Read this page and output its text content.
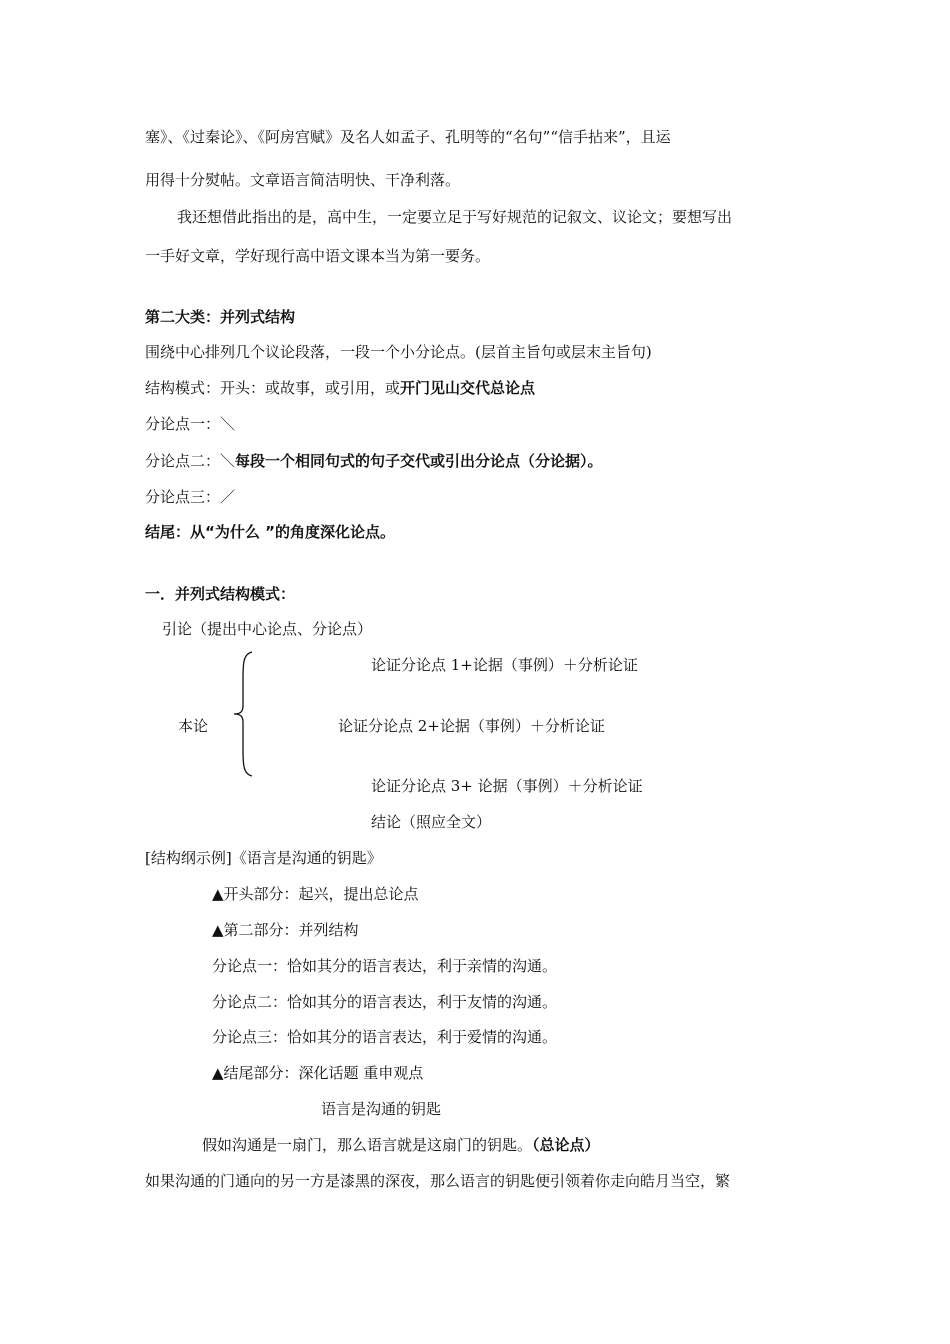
塞》、《过秦论》、《阿房宫赋》及名人如孟子、孔明等的“名句”“信手拈来”，且运
用得十分熨帖。文章语言简洁明快、干净利落。
我还想借此指出的是，高中生，一定要立足于写好规范的记叙文、议论文；要想写出
一手好文章，学好现行高中语文课本当为第一要务。
第二大类：并列式结构
围绕中心排列几个议论段落，一段一个小分论点。(层首主旨句或层末主旨句)
结构模式：开头：或故事，或引用，或开门见山交代总论点
分论点一：＼
分论点二：＼每段一个相同句式的句子交代或引出分论点（分论据）。
分论点三：／
结尾：从“为什么 ”的角度深化论点。
一．并列式结构模式：
引论（提出中心论点、分论点）
论证分论点 1+论据（事例）＋分析论证
本论	论证分论点 2+论据（事例）＋分析论证
论证分论点 3+ 论据（事例）＋分析论证
结论（照应全文）
[结构纲示例]《语言是沟通的钥匙》
▲开头部分：起兴，提出总论点
▲第二部分：并列结构
分论点一：恰如其分的语言表达，利于亲情的沟通。
分论点二：恰如其分的语言表达，利于友情的沟通。
分论点三：恰如其分的语言表达，利于爱情的沟通。
▲结尾部分：深化话题 重申观点
语言是沟通的钥匙
假如沟通是一扇门，那么语言就是这扇门的钥匙。（总论点）
如果沟通的门通向的另一方是漆黑的深夜，那么语言的钥匙便引领着你走向皓月当空，繁
